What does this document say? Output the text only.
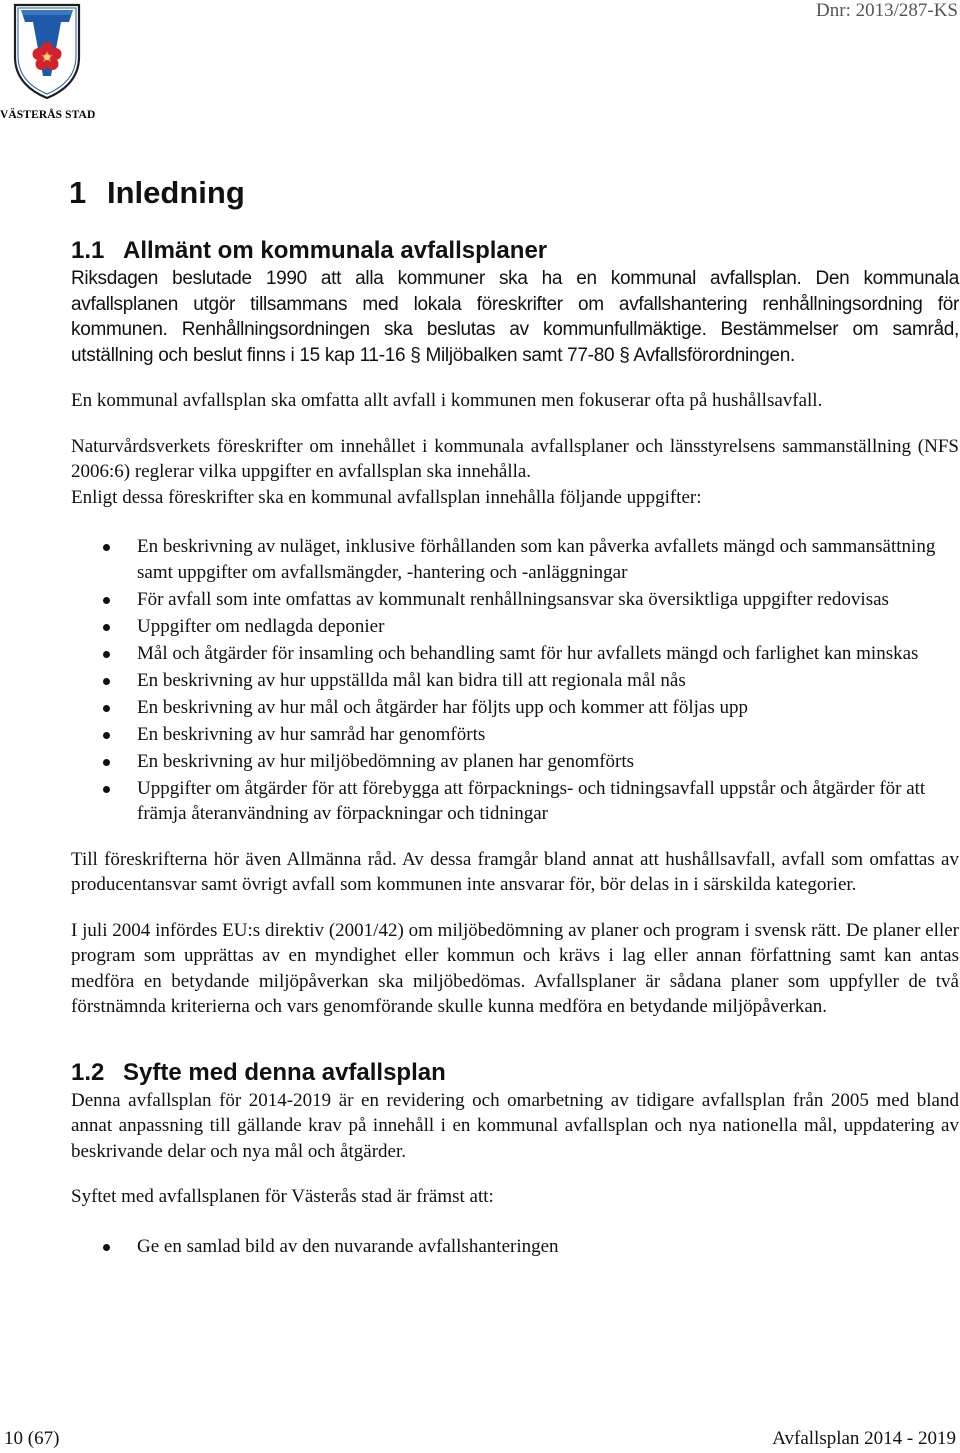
VÄSTERÅS STAD
Dnr: 2013/287-KS
1 Inledning
1.1 Allmänt om kommunala avfallsplaner

Riksdagen beslutade 1990 att alla kommuner ska ha en kommunal avfallsplan. Den kommunala avfallsplanen utgör tillsammans med lokala föreskrifter om avfallshantering renhållningsordning för kommunen. Renhållningsordningen ska beslutas av kommunfullmäktige. Bestämmelser om samråd, utställning och beslut finns i 15 kap 11-16 § Miljöbalken samt 77-80 § Avfallsförordningen.

En kommunal avfallsplan ska omfatta allt avfall i kommunen men fokuserar ofta på hushållsavfall.

Naturvårdsverkets föreskrifter om innehållet i kommunala avfallsplaner och länsstyrelsens sammanställning (NFS 2006:6) reglerar vilka uppgifter en avfallsplan ska innehålla.

Enligt dessa föreskrifter ska en kommunal avfallsplan innehålla följande uppgifter:

En beskrivning av nuläget, inklusive förhållanden som kan påverka avfallets mängd och sammansättning samt uppgifter om avfallsmängder, -hantering och -anläggningar
För avfall som inte omfattas av kommunalt renhållningsansvar ska översiktliga uppgifter redovisas
Uppgifter om nedlagda deponier
Mål och åtgärder för insamling och behandling samt för hur avfallets mängd och farlighet kan minskas
En beskrivning av hur uppställda mål kan bidra till att regionala mål nås
En beskrivning av hur mål och åtgärder har följts upp och kommer att följas upp
En beskrivning av hur samråd har genomförts
En beskrivning av hur miljöbedömning av planen har genomförts
Uppgifter om åtgärder för att förebygga att förpacknings- och tidningsavfall uppstår och åtgärder för att främja återanvändning av förpackningar och tidningar

Till föreskrifterna hör även Allmänna råd. Av dessa framgår bland annat att hushållsavfall, avfall som omfattas av producentansvar samt övrigt avfall som kommunen inte ansvarar för, bör delas in i särskilda kategorier.

I juli 2004 infördes EU:s direktiv (2001/42) om miljöbedömning av planer och program i svensk rätt. De planer eller program som upprättas av en myndighet eller kommun och krävs i lag eller annan författning samt kan antas medföra en betydande miljöpåverkan ska miljöbedömas. Avfallsplaner är sådana planer som uppfyller de två förstnämnda kriterierna och vars genomförande skulle kunna medföra en betydande miljöpåverkan.

1.2 Syfte med denna avfallsplan

Denna avfallsplan för 2014-2019 är en revidering och omarbetning av tidigare avfallsplan från 2005 med bland annat anpassning till gällande krav på innehåll i en kommunal avfallsplan och nya nationella mål, uppdatering av beskrivande delar och nya mål och åtgärder.

Syftet med avfallsplanen för Västerås stad är främst att:

Ge en samlad bild av den nuvarande avfallshanteringen
10 (67)	Avfallsplan 2014 - 2019
